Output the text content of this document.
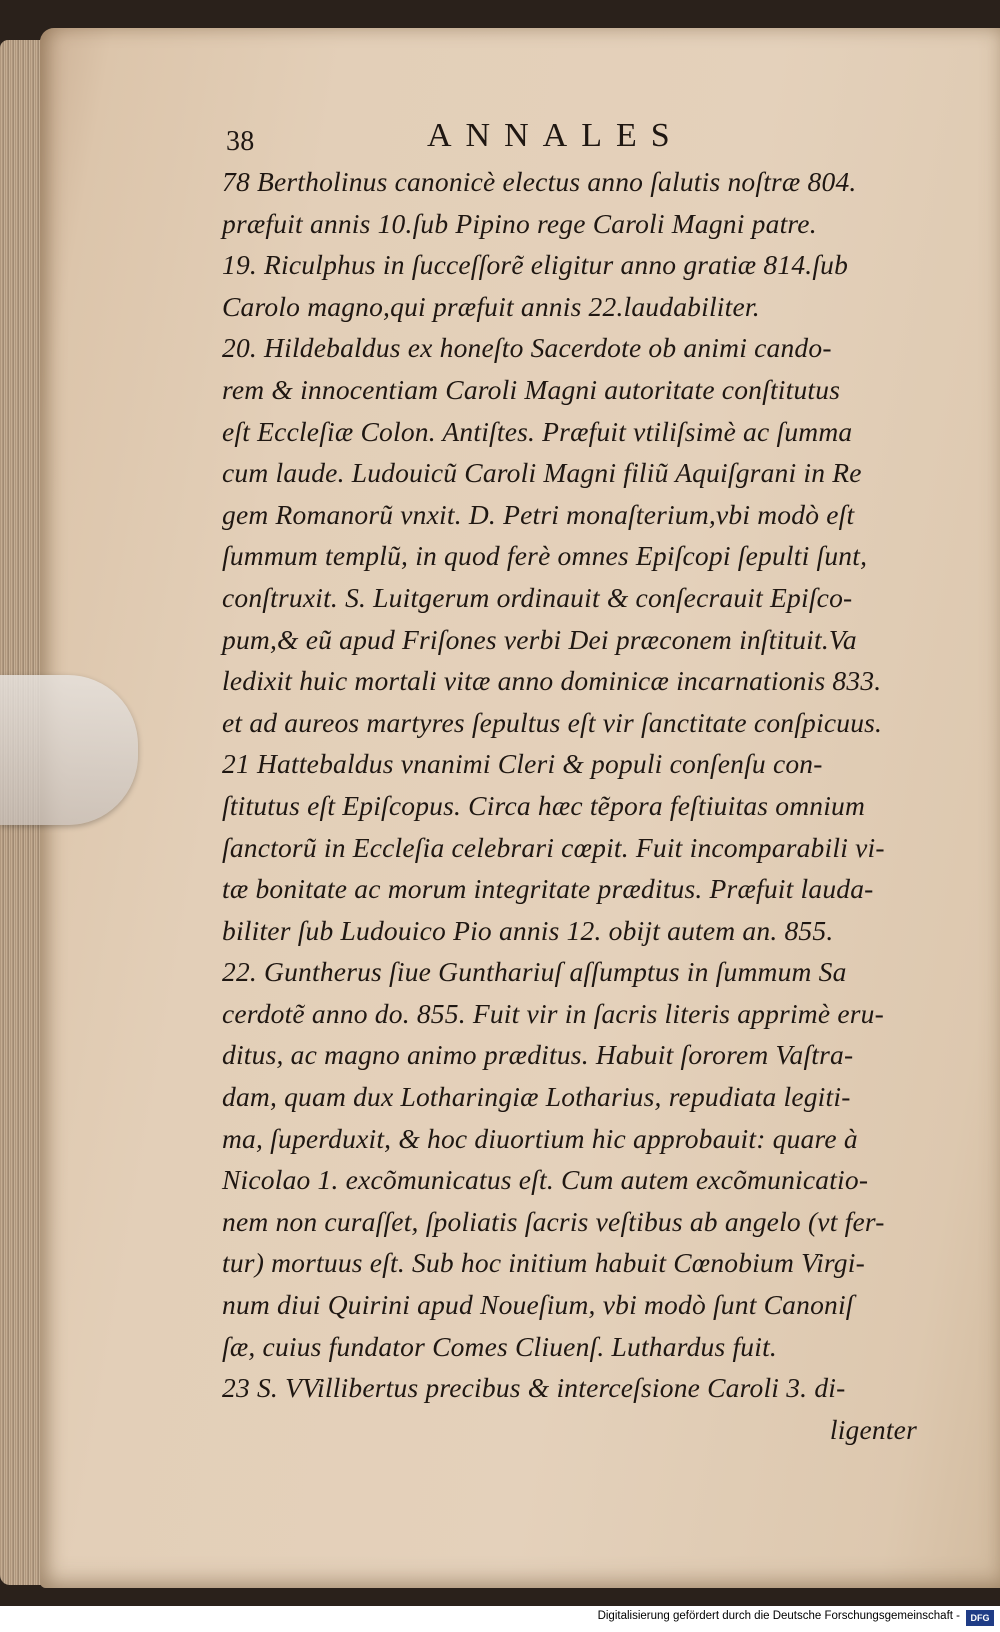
38	ANNALES
78 Bertholinus canonicè electus anno ſalutis noſtræ 804.
præfuit annis 10.ſub Pipino rege Caroli Magni patre.
19. Riculphus in ſucceſſorẽ eligitur anno gratiæ 814.ſub
Carolo magno,qui præfuit annis 22.laudabiliter.
20. Hildebaldus ex honeſto Sacerdote ob animi cando-
rem & innocentiam Caroli Magni autoritate conſtitutus
eſt Eccleſiæ Colon. Antiſtes. Præfuit vtiliſsimè ac ſumma
cum laude. Ludouicũ Caroli Magni filiũ Aquiſgrani in Re
gem Romanorũ vnxit. D. Petri monaſterium,vbi modò eſt
ſummum templũ, in quod ferè omnes Epiſcopi ſepulti ſunt,
conſtruxit. S. Luitgerum ordinauit & conſecrauit Epiſco-
pum,& eũ apud Friſones verbi Dei præconem inſtituit.Va
ledixit huic mortali vitæ anno dominicæ incarnationis 833.
et ad aureos martyres ſepultus eſt vir ſanctitate conſpicuus.
21 Hattebaldus vnanimi Cleri & populi conſenſu con-
ſtitutus eſt Epiſcopus. Circa hæc tẽpora feſtiuitas omnium
ſanctorũ in Eccleſia celebrari cœpit. Fuit incomparabili vi-
tæ bonitate ac morum integritate præditus. Præfuit lauda-
biliter ſub Ludouico Pio annis 12. obijt autem an. 855.
22. Guntherus ſiue Gunthariuſ aſſumptus in ſummum Sa
cerdotẽ anno do. 855. Fuit vir in ſacris literis apprimè eru-
ditus, ac magno animo præditus. Habuit ſororem Vaſtra-
dam, quam dux Lotharingiæ Lotharius, repudiata legiti-
ma, ſuperduxit, & hoc diuortium hic approbauit: quare à
Nicolao 1. excõmunicatus eſt. Cum autem excõmunicatio-
nem non curaſſet, ſpoliatis ſacris veſtibus ab angelo (vt fer-
tur) mortuus eſt. Sub hoc initium habuit Cœnobium Virgi-
num diui Quirini apud Noueſium, vbi modò ſunt Canoniſ
ſæ, cuius fundator Comes Cliuenſ. Luthardus fuit.
23 S. VVillibertus precibus & interceſsione Caroli 3. di-
ligenter
Digitalisierung gefördert durch die Deutsche Forschungsgemeinschaft -	DFG
